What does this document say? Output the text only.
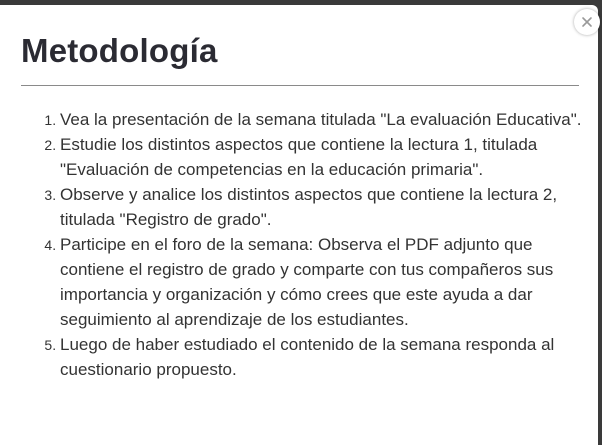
Metodología
1. Vea la presentación de la semana titulada "La evaluación Educativa".
2. Estudie los distintos aspectos que contiene la lectura 1, titulada "Evaluación de competencias en la educación primaria".
3. Observe y analice los distintos aspectos que contiene la lectura 2, titulada "Registro de grado".
4. Participe en el foro de la semana: Observa el PDF adjunto que contiene el registro de grado y comparte con tus compañeros sus importancia y organización y cómo crees que este ayuda a dar seguimiento al aprendizaje de los estudiantes.
5. Luego de haber estudiado el contenido de la semana responda al cuestionario propuesto.
